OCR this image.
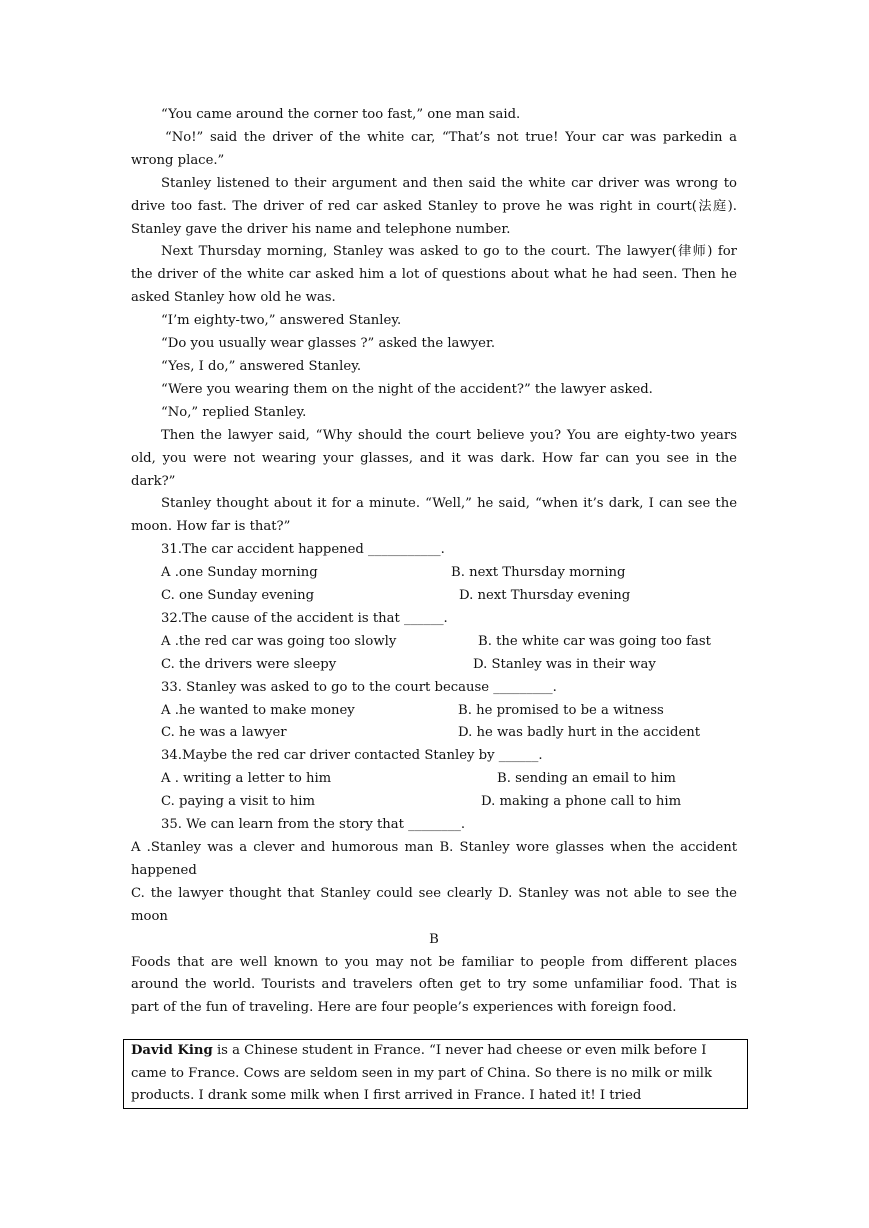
“You came around the corner too fast,” one man said.

“No!” said the driver of the white car, “That’s not true! Your car was parkedin a wrong place.”

Stanley listened to their argument and then said the white car driver was wrong to drive too fast. The driver of red car asked Stanley to prove he was right in court(法庭). Stanley gave the driver his name and telephone number.

Next Thursday morning, Stanley was asked to go to the court. The lawyer(律师) for the driver of the white car asked him a lot of questions about what he had seen. Then he asked Stanley how old he was.

“I’m eighty-two,” answered Stanley.

“Do you usually wear glasses ?” asked the lawyer.

“Yes, I do,” answered Stanley.

“Were you wearing them on the night of the accident?” the lawyer asked.

“No,” replied Stanley.

Then the lawyer said, “Why should the court believe you? You are eighty-two years old, you were not wearing your glasses, and it was dark. How far can you see in the dark?”

Stanley thought about it for a minute. “Well,” he said, “when it’s dark, I can see the moon. How far is that?”

31.The car accident happened ___________.

A .one Sunday morning	B. next Thursday morning
C. one Sunday evening	D. next Thursday evening

32.The cause of the accident is that ______.

A .the red car was going too slowly	B. the white car was going too fast
C. the drivers were sleepy	D. Stanley was in their way

33. Stanley was asked to go to the court because _________.

A .he wanted to make money	B. he promised to be a witness
C. he was a lawyer	D. he was badly hurt in the accident

34.Maybe the red car driver contacted Stanley by ______.

A . writing a letter to him	B. sending an email to him
C. paying a visit to him	D. making a phone call to him

35. We can learn from the story that ________.

A .Stanley was a clever and humorous man B. Stanley wore glasses when the accident happened

C. the lawyer thought that Stanley could see clearly D. Stanley was not able to see the moon

B

Foods that are well known to you may not be familiar to people from different places around the world. Tourists and travelers often get to try some unfamiliar food. That is part of the fun of traveling. Here are four people’s experiences with foreign food.

David King is a Chinese student in France. “I never had cheese or even milk before I came to France. Cows are seldom seen in my part of China. So there is no milk or milk products. I drank some milk when I first arrived in France. I hated it! I tried
